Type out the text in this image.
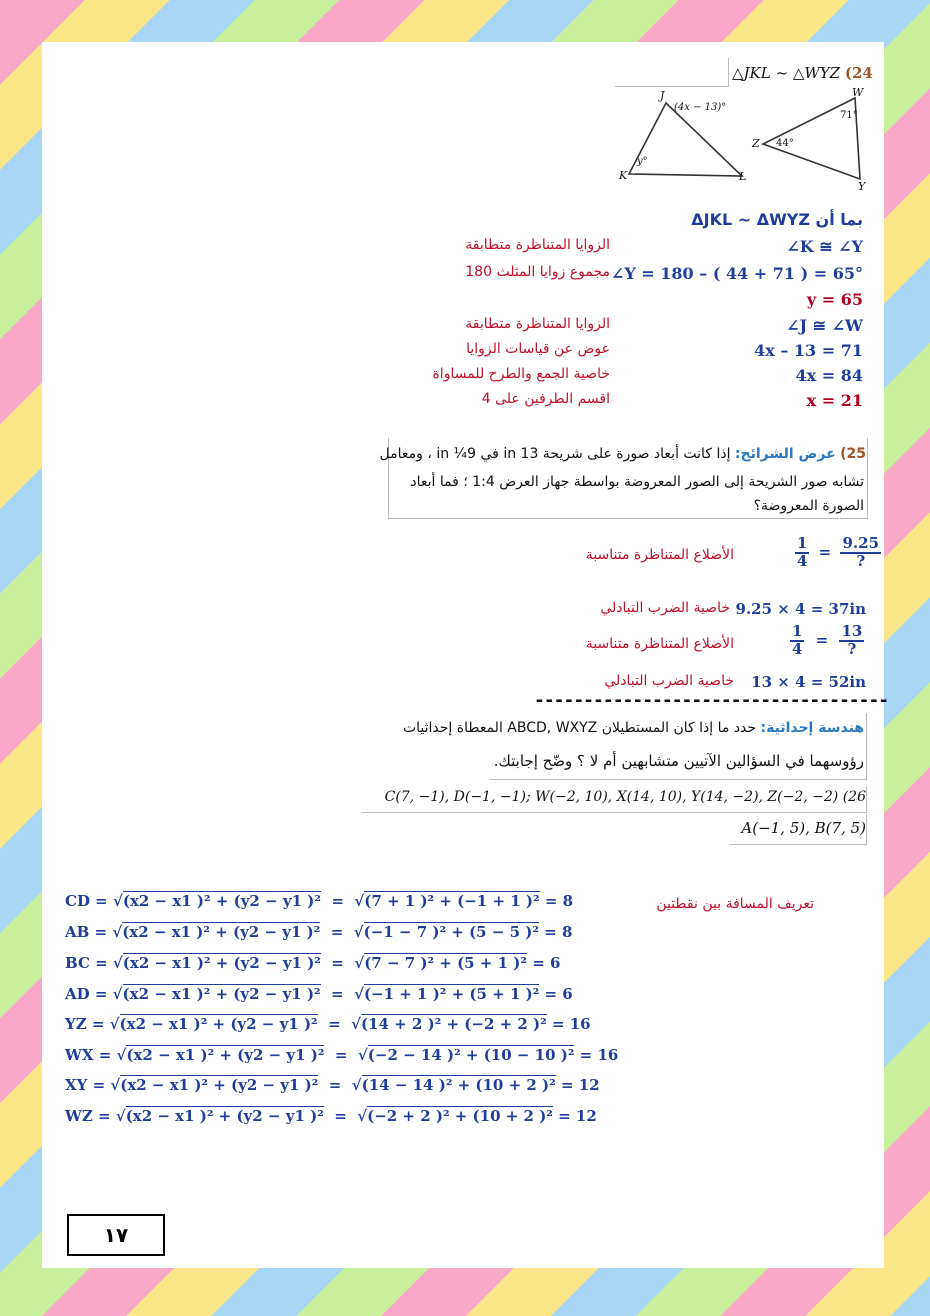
△JKL ~ △WYZ (24
J
K	L
(4x − 13)°
y°
W
Z
Y
71°
44°
بما أن ΔJKL ~ ΔWYZ
∠K ≅ ∠Y
الزوايا المتناظرة متطابقة
∠Y = 180 – ( 44 + 71 ) = 65°
مجموع زوايا المثلث 180
y = 65
∠J ≅ ∠W
الزوايا المتناظرة متطابقة
4x – 13 = 71
عوض عن قياسات الزوايا
4x = 84
خاصية الجمع والطرح للمساواة
x = 21
اقسم الطرفين على 4
25) عرض الشرائح: إذا كانت أبعاد صورة على شريحة 13 in في 9¼ in ، ومعامل
تشابه صور الشريحة إلى الصور المعروضة بواسطة جهاز العرض 1:4 ؛ فما أبعاد
الصورة المعروضة؟
$\frac{1}{4} = \frac{9.25}{?}$
الأضلاع المتناظرة متناسبة
9.25 × 4 = 37in
خاصية الضرب التبادلي
$\frac{1}{4} = \frac{13}{?}$
الأضلاع المتناظرة متناسبة
13 × 4 = 52in
خاصية الضرب التبادلي
------------------------------------
هندسة إحداثية: حدد ما إذا كان المستطيلان ABCD, WXYZ المعطاة إحداثيات
رؤوسهما في السؤالين الآتيين متشابهين أم لا ؟ وضّح إجابتك.
C(7, −1), D(−1, −1); W(−2, 10), X(14, 10), Y(14, −2), Z(−2, −2) (26
A(−1, 5), B(7, 5)
تعريف المسافة بين نقطتين
CD = √(x2 − x1 )² + (y2 − y1 )²  =  √(7 + 1 )² + (−1 + 1 )² = 8
AB = √(x2 − x1 )² + (y2 − y1 )²  =  √(−1 − 7 )² + (5 − 5 )² = 8
BC = √(x2 − x1 )² + (y2 − y1 )²  =  √(7 − 7 )² + (5 + 1 )² = 6
AD = √(x2 − x1 )² + (y2 − y1 )²  =  √(−1 + 1 )² + (5 + 1 )² = 6
YZ = √(x2 − x1 )² + (y2 − y1 )²  =  √(14 + 2 )² + (−2 + 2 )² = 16
WX = √(x2 − x1 )² + (y2 − y1 )²  =  √(−2 − 14 )² + (10 − 10 )² = 16
XY = √(x2 − x1 )² + (y2 − y1 )²  =  √(14 − 14 )² + (10 + 2 )² = 12
WZ = √(x2 − x1 )² + (y2 − y1 )²  =  √(−2 + 2 )² + (10 + 2 )² = 12
١٧
